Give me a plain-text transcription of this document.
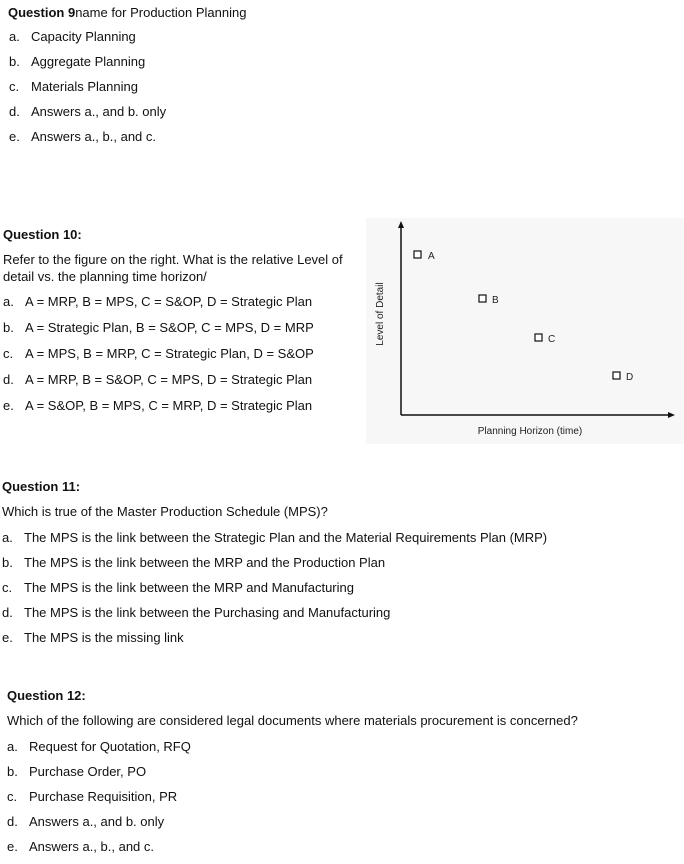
Question 9name for Production Planning

a. Capacity Planning

b. Aggregate Planning

c. Materials Planning

d. Answers a., and b. only

e. Answers a., b., and c.

Question 10:

Refer to the figure on the right. What is the relative Level of

detail vs. the planning time horizon/

a. A = MRP, B = MPS, C = S&OP, D = Strategic Plan

b. A = Strategic Plan, B = S&OP, C = MPS, D = MRP

c. A = MPS, B = MRP, C = Strategic Plan, D = S&OP

d. A = MRP, B = S&OP, C = MPS, D = Strategic Plan

e. A = S&OP, B = MPS, C = MRP, D = Strategic Plan

Level of Detail
Planning Horizon (time)
A
B
C
D

Question 11:

Which is true of the Master Production Schedule (MPS)?

a. The MPS is the link between the Strategic Plan and the Material Requirements Plan (MRP)

b. The MPS is the link between the MRP and the Production Plan

c. The MPS is the link between the MRP and Manufacturing

d. The MPS is the link between the Purchasing and Manufacturing

e. The MPS is the missing link

Question 12:

Which of the following are considered legal documents where materials procurement is concerned?

a. Request for Quotation, RFQ

b. Purchase Order, PO

c. Purchase Requisition, PR

d. Answers a., and b. only

e. Answers a., b., and c.
